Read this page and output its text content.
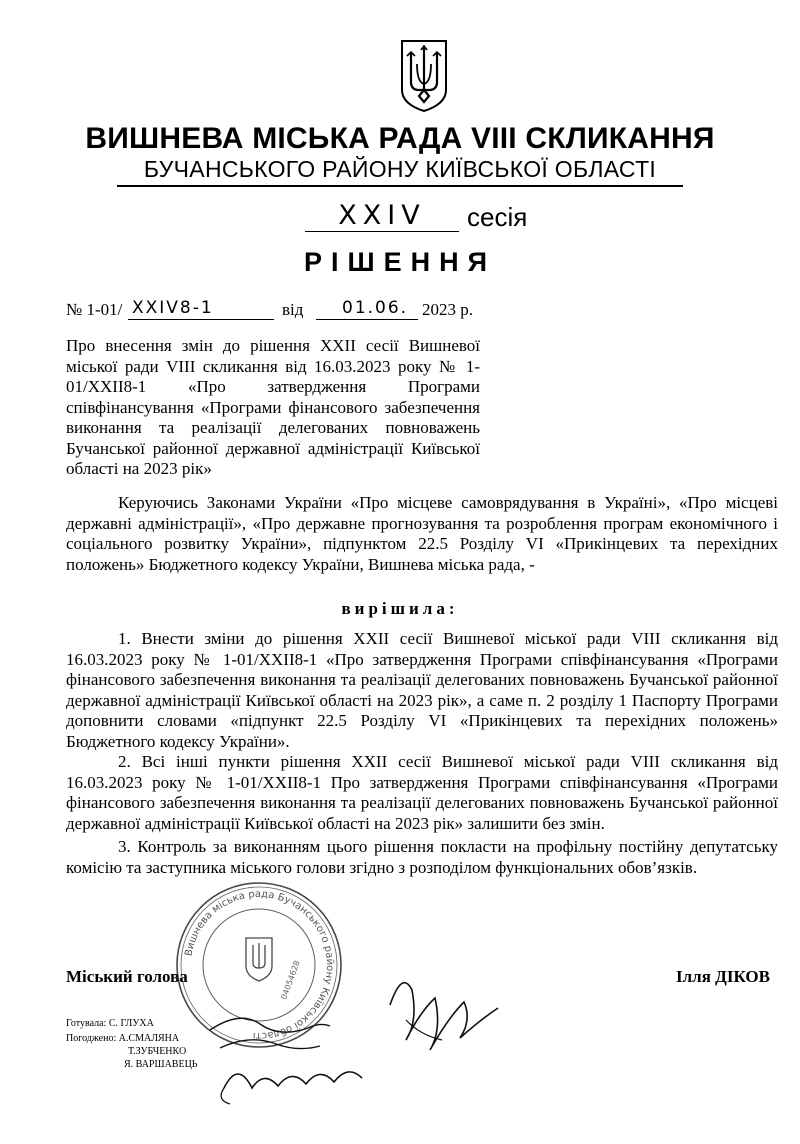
ВИШНЕВА МІСЬКА РАДА VIII СКЛИКАННЯ
БУЧАНСЬКОГО РАЙОНУ КИЇВСЬКОЇ ОБЛАСТІ
XXIV	сесія
РІШЕННЯ
№ 1-01/ XXIV8-1	від 01.06. 2023 р.
Про внесення змін до рішення XXII сесії Вишневої міської ради VIII скликання від 16.03.2023 року № 1-01/XXII8-1 «Про затвердження Програми співфінансування «Програми фінансового забезпечення виконання та реалізації делегованих повноважень Бучанської районної державної адміністрації Київської області на 2023 рік»

Керуючись Законами України «Про місцеве самоврядування в Україні», «Про місцеві державні адміністрації», «Про державне прогнозування та розроблення програм економічного і соціального розвитку України», підпунктом 22.5 Розділу VI «Прикінцевих та перехідних положень» Бюджетного кодексу України, Вишнева міська рада, -

вирішила:

1. Внести зміни до рішення XXII сесії Вишневої міської ради VIII скликання від 16.03.2023 року № 1-01/XXII8-1 «Про затвердження Програми співфінансування «Програми фінансового забезпечення виконання та реалізації делегованих повноважень Бучанської районної державної адміністрації Київської області на 2023 рік», а саме п. 2 розділу 1 Паспорту Програми доповнити словами «підпункт 22.5 Розділу VI «Прикінцевих та перехідних положень» Бюджетного кодексу України».

2. Всі інші пункти рішення XXII сесії Вишневої міської ради VIII скликання від 16.03.2023 року № 1-01/XXII8-1 Про затвердження Програми співфінансування «Програми фінансового забезпечення виконання та реалізації делегованих повноважень Бучанської районної державної адміністрації Київської області на 2023 рік» залишити без змін.

3. Контроль за виконанням цього рішення покласти на профільну постійну депутатську комісію та заступника міського голови згідно з розподілом функціональних обов’язків.

Міський голова	Ілля ДІКОВ
Готувала: С. ГЛУХА
Погоджено: А.СМАЛЯНА
Т.ЗУБЧЕНКО
Я. ВАРШАВЕЦЬ
Вишнева міська рада Бучанського району Київської області
04054628
